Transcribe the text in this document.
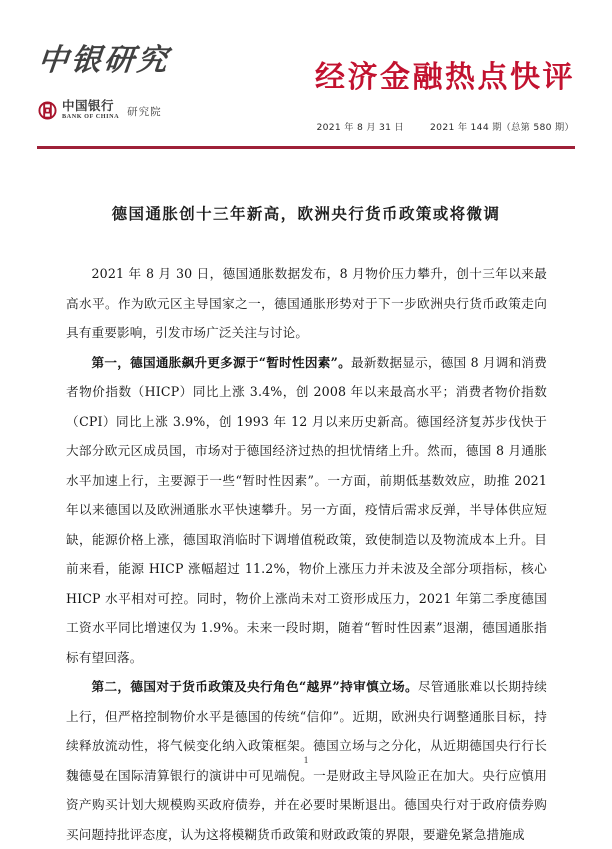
中银研究
中国银行
BANK OF CHINA 研究院
经济金融热点快评
2021 年 8 月 31 日	2021 年 144 期（总第 580 期）
德国通胀创十三年新高，欧洲央行货币政策或将微调

2021 年 8 月 30 日，德国通胀数据发布，8 月物价压力攀升，创十三年以来最高水平。作为欧元区主导国家之一，德国通胀形势对于下一步欧洲央行货币政策走向具有重要影响，引发市场广泛关注与讨论。

第一，德国通胀飙升更多源于“暂时性因素”。最新数据显示，德国 8 月调和消费者物价指数（HICP）同比上涨 3.4%，创 2008 年以来最高水平；消费者物价指数（CPI）同比上涨 3.9%，创 1993 年 12 月以来历史新高。德国经济复苏步伐快于大部分欧元区成员国，市场对于德国经济过热的担忧情绪上升。然而，德国 8 月通胀水平加速上行，主要源于一些“暂时性因素”。一方面，前期低基数效应，助推 2021 年以来德国以及欧洲通胀水平快速攀升。另一方面，疫情后需求反弹，半导体供应短缺，能源价格上涨，德国取消临时下调增值税政策，致使制造以及物流成本上升。目前来看，能源 HICP 涨幅超过 11.2%，物价上涨压力并未波及全部分项指标，核心 HICP 水平相对可控。同时，物价上涨尚未对工资形成压力，2021 年第二季度德国工资水平同比增速仅为 1.9%。未来一段时期，随着“暂时性因素”退潮，德国通胀指标有望回落。

第二，德国对于货币政策及央行角色“越界”持审慎立场。尽管通胀难以长期持续上行，但严格控制物价水平是德国的传统“信仰”。近期，欧洲央行调整通胀目标，持续释放流动性，将气候变化纳入政策框架。德国立场与之分化，从近期德国央行行长魏德曼在国际清算银行的演讲中可见端倪。一是财政主导风险正在加大。央行应慎用资产购买计划大规模购买政府债券，并在必要时果断退出。德国央行对于政府债券购买问题持批评态度，认为这将模糊货币政策和财政政策的界限，要避免紧急措施成

1
